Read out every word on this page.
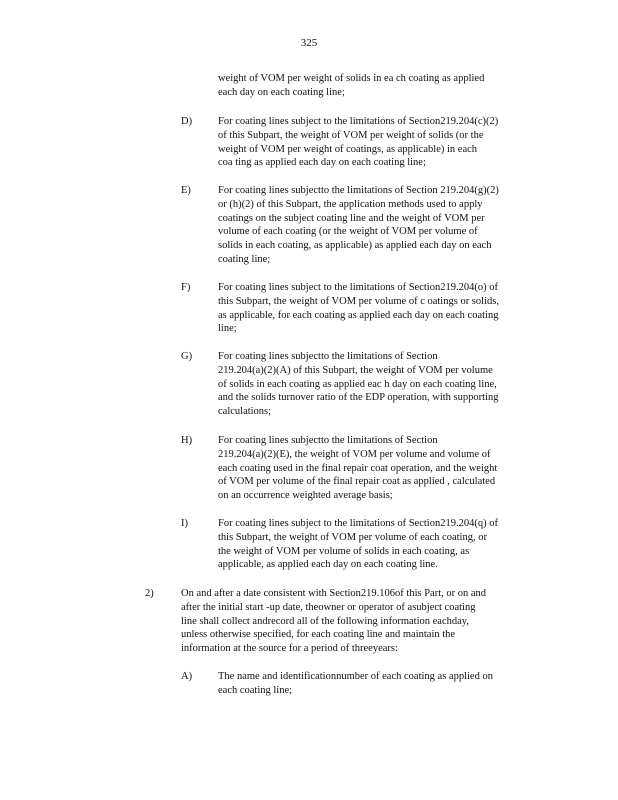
325
weight of VOM per weight of solids in ea ch coating as applied
each day on each coating line;
D) For coating lines subject to the limitations of Section219.204(c)(2)
of this Subpart, the weight of VOM per weight of solids (or the
weight of VOM per weight of coatings, as applicable) in each
coa ting as applied each day on each coating line;
E)	For coating lines subjectto the limitations of Section 219.204(g)(2)
or (h)(2) of this Subpart, the application methods used to apply
coatings on the subject coating line and the weight of VOM per
volume of each coating (or the weight of VOM per volume of
solids in each coating, as applicable) as applied each day on each
coating line;
F)	For coating lines subject to the limitations of Section219.204(o) of
this Subpart, the weight of VOM per volume of c oatings or solids,
as applicable, for each coating as applied each day on each coating
line;
G) For coating lines subjectto the limitations of Section
219.204(a)(2)(A) of this Subpart, the weight of VOM per volume
of solids in each coating as applied eac h day on each coating line,
and the solids turnover ratio of the EDP operation, with supporting
calculations;
H) For coating lines subjectto the limitations of Section
219.204(a)(2)(E), the weight of VOM per volume and volume of
each coating used in the final repair coat operation, and the weight
of VOM per volume of the final repair coat as applied , calculated
on an occurrence weighted average basis;
I)	For coating lines subject to the limitations of Section219.204(q) of
this Subpart, the weight of VOM per volume of each coating, or
the weight of VOM per volume of solids in each coating, as
applicable, as applied each day on each coating line.
2)	On and after a date consistent with Section219.106of this Part, or on and
after the initial start -up date, theowner or operator of asubject coating
line shall collect andrecord all of the following information eachday,
unless otherwise specified, for each coating line and maintain the
information at the source for a period of threeyears:
A) The name and identificationnumber of each coating as applied on
each coating line;
